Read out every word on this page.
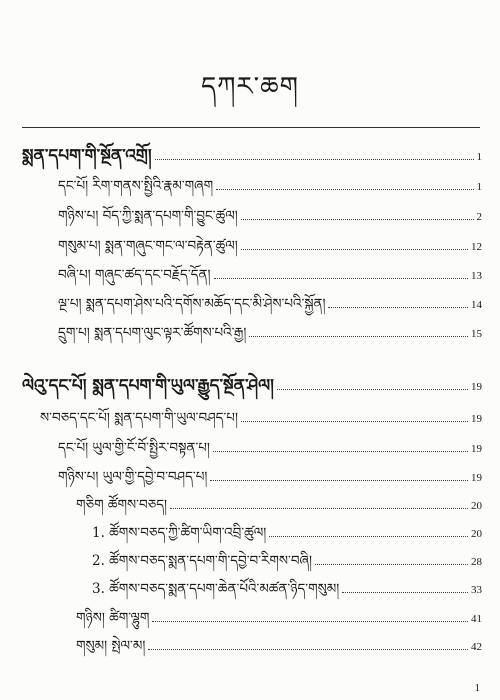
དཀར་ཆག
སྨན་དཔག་གི་སྔོན་འགྲོ།	1
དང་པོ། རིག་གནས་སྤྱིའི་རྣམ་གཞག	1
གཉིས་པ། བོད་ཀྱི་སྨན་དཔག་གི་བྱུང་ཚུལ།	2
གསུམ་པ། སྨན་གཞུང་གང་ལ་བརྟེན་ཚུལ།	12
བཞི་པ། གཞུང་ཚད་དང་བརྗོད་དོན།	13
ལྔ་པ། སྨན་དཔག་ཤེས་པའི་དགོས་མཆོད་དང་མི་ཤེས་པའི་སྐྱོན།	14
དྲུག་པ། སྨན་དཔག་ལུང་ལྟར་ཚོགས་པའི་རྒྱ།	15
ལེའུ་དང་པོ། སྨན་དཔག་གི་ཡུལ་རྒྱུད་སྔོན་ཤེལ།	19
ས་བཅད་དང་པོ། སྨན་དཔག་གི་ཡུལ་བཤད་པ།	19
དང་པོ། ཡུལ་གྱི་ངོ་བོ་སྤྱིར་བསྟན་པ།	19
གཉིས་པ། ཡུལ་གྱི་དབྱེ་བ་བཤད་པ།	19
གཅིག ཚོགས་བཅད།	20
1. ཚོགས་བཅད་ཀྱི་ཚིག་ཡིག་འབྲི་ཚུལ།	20
2. ཚོགས་བཅད་སྨན་དཔག་གི་དབྱེ་བ་རིགས་བཞི།	28
3. ཚོགས་བཅད་སྨན་དཔག་ཆེན་པོའི་མཚན་ཉིད་གསུམ།	33
གཉིས། ཚིག་ལྷུག	41
གསུམ། སྤེལ་མ།	42
1
